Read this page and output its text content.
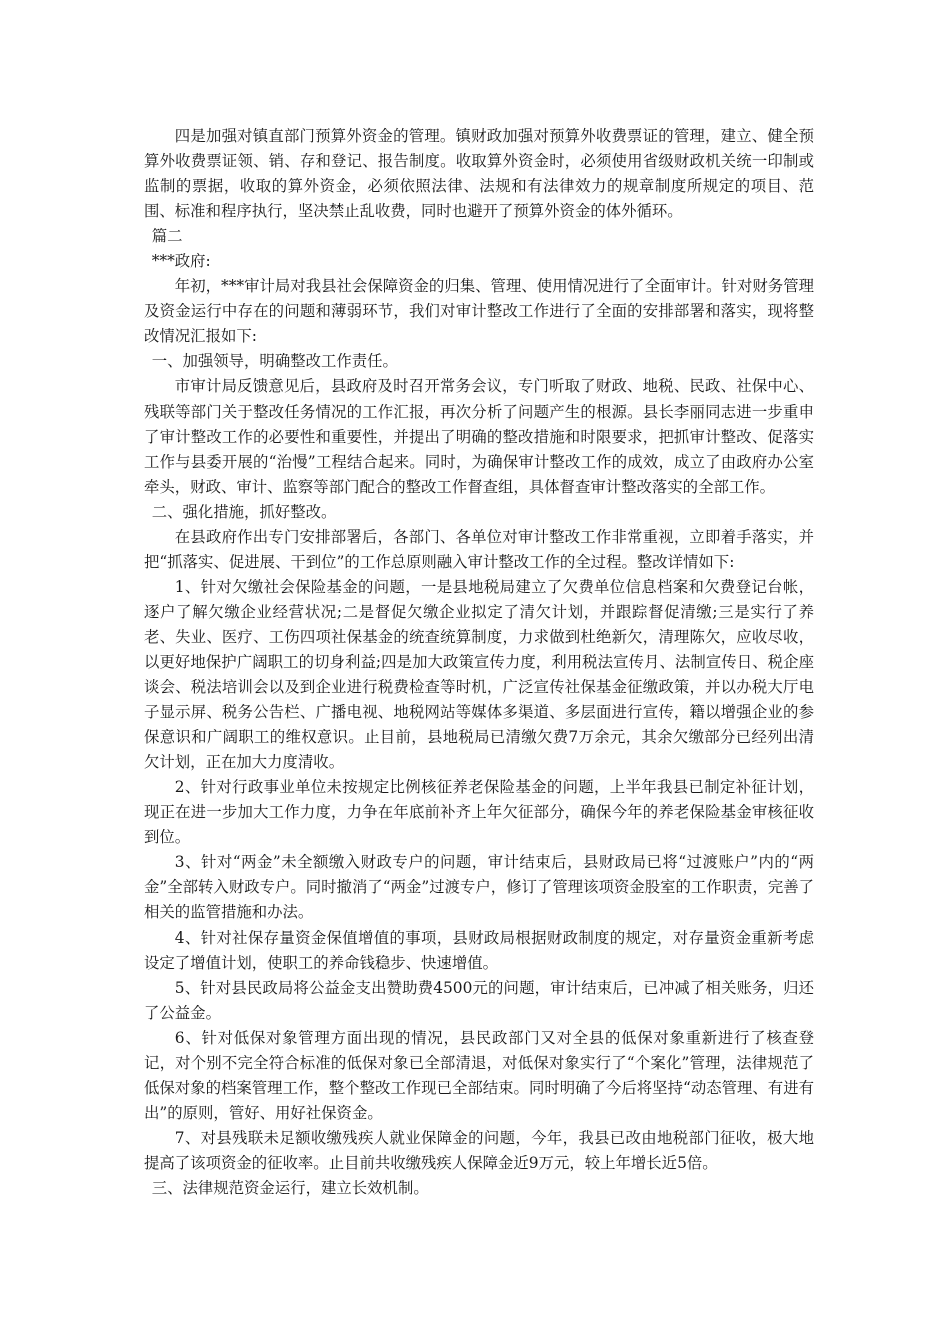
四是加强对镇直部门预算外资金的管理。镇财政加强对预算外收费票证的管理，建立、健全预算外收费票证领、销、存和登记、报告制度。收取算外资金时，必须使用省级财政机关统一印制或监制的票据，收取的算外资金，必须依照法律、法规和有法律效力的规章制度所规定的项目、范围、标准和程序执行，坚决禁止乱收费，同时也避开了预算外资金的体外循环。

篇二

***政府:

年初，***审计局对我县社会保障资金的归集、管理、使用情况进行了全面审计。针对财务管理及资金运行中存在的问题和薄弱环节，我们对审计整改工作进行了全面的安排部署和落实，现将整改情况汇报如下:

一、加强领导，明确整改工作责任。

市审计局反馈意见后，县政府及时召开常务会议，专门听取了财政、地税、民政、社保中心、残联等部门关于整改任务情况的工作汇报，再次分析了问题产生的根源。县长李丽同志进一步重申了审计整改工作的必要性和重要性，并提出了明确的整改措施和时限要求，把抓审计整改、促落实工作与县委开展的“治慢”工程结合起来。同时，为确保审计整改工作的成效，成立了由政府办公室牵头，财政、审计、监察等部门配合的整改工作督查组，具体督查审计整改落实的全部工作。

二、强化措施，抓好整改。

在县政府作出专门安排部署后，各部门、各单位对审计整改工作非常重视，立即着手落实，并把“抓落实、促进展、干到位”的工作总原则融入审计整改工作的全过程。整改详情如下:

1、针对欠缴社会保险基金的问题，一是县地税局建立了欠费单位信息档案和欠费登记台帐，逐户了解欠缴企业经营状况;二是督促欠缴企业拟定了清欠计划，并跟踪督促清缴;三是实行了养老、失业、医疗、工伤四项社保基金的统查统算制度，力求做到杜绝新欠，清理陈欠，应收尽收，以更好地保护广阔职工的切身利益;四是加大政策宣传力度，利用税法宣传月、法制宣传日、税企座谈会、税法培训会以及到企业进行税费检查等时机，广泛宣传社保基金征缴政策，并以办税大厅电子显示屏、税务公告栏、广播电视、地税网站等媒体多渠道、多层面进行宣传，籍以增强企业的参保意识和广阔职工的维权意识。止目前，县地税局已清缴欠费7万余元，其余欠缴部分已经列出清欠计划，正在加大力度清收。

2、针对行政事业单位未按规定比例核征养老保险基金的问题，上半年我县已制定补征计划，现正在进一步加大工作力度，力争在年底前补齐上年欠征部分，确保今年的养老保险基金审核征收到位。

3、针对“两金”未全额缴入财政专户的问题，审计结束后，县财政局已将“过渡账户”内的“两金”全部转入财政专户。同时撤消了“两金”过渡专户，修订了管理该项资金股室的工作职责，完善了相关的监管措施和办法。

4、针对社保存量资金保值增值的事项，县财政局根据财政制度的规定，对存量资金重新考虑设定了增值计划，使职工的养命钱稳步、快速增值。

5、针对县民政局将公益金支出赞助费4500元的问题，审计结束后，已冲减了相关账务，归还了公益金。

6、针对低保对象管理方面出现的情况，县民政部门又对全县的低保对象重新进行了核查登记，对个别不完全符合标准的低保对象已全部清退，对低保对象实行了“个案化”管理，法律规范了低保对象的档案管理工作，整个整改工作现已全部结束。同时明确了今后将坚持“动态管理、有进有出”的原则，管好、用好社保资金。

7、对县残联未足额收缴残疾人就业保障金的问题，今年，我县已改由地税部门征收，极大地提高了该项资金的征收率。止目前共收缴残疾人保障金近9万元，较上年增长近5倍。

三、法律规范资金运行，建立长效机制。
